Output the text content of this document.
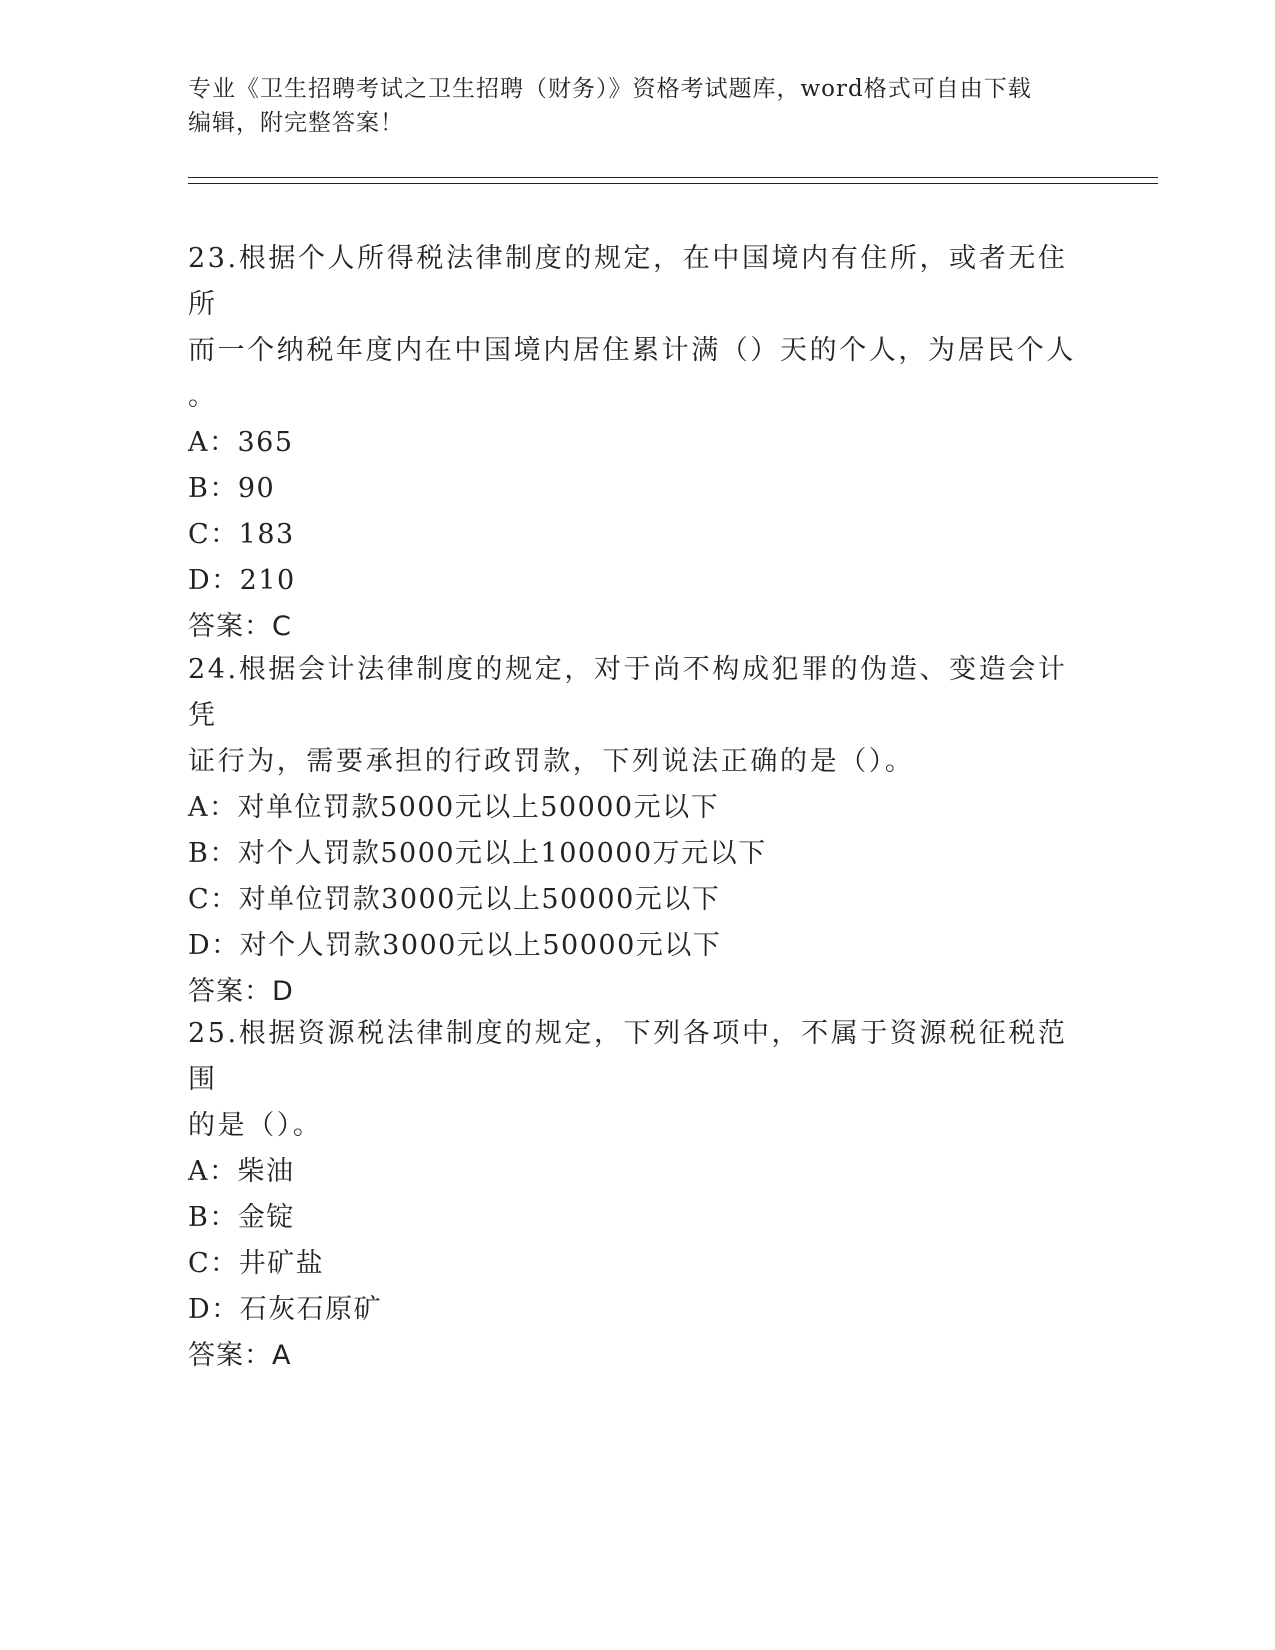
专业《卫生招聘考试之卫生招聘（财务）》资格考试题库，word格式可自由下载
编辑，附完整答案！

23.根据个人所得税法律制度的规定，在中国境内有住所，或者无住所

而一个纳税年度内在中国境内居住累计满（）天的个人，为居民个人

。

A：365

B：90

C：183

D：210

答案：C

24.根据会计法律制度的规定，对于尚不构成犯罪的伪造、变造会计凭

证行为，需要承担的行政罚款，下列说法正确的是（）。

A：对单位罚款5000元以上50000元以下

B：对个人罚款5000元以上100000万元以下

C：对单位罚款3000元以上50000元以下

D：对个人罚款3000元以上50000元以下

答案：D

25.根据资源税法律制度的规定，下列各项中，不属于资源税征税范围

的是（）。

A：柴油

B：金锭

C：井矿盐

D：石灰石原矿

答案：A
